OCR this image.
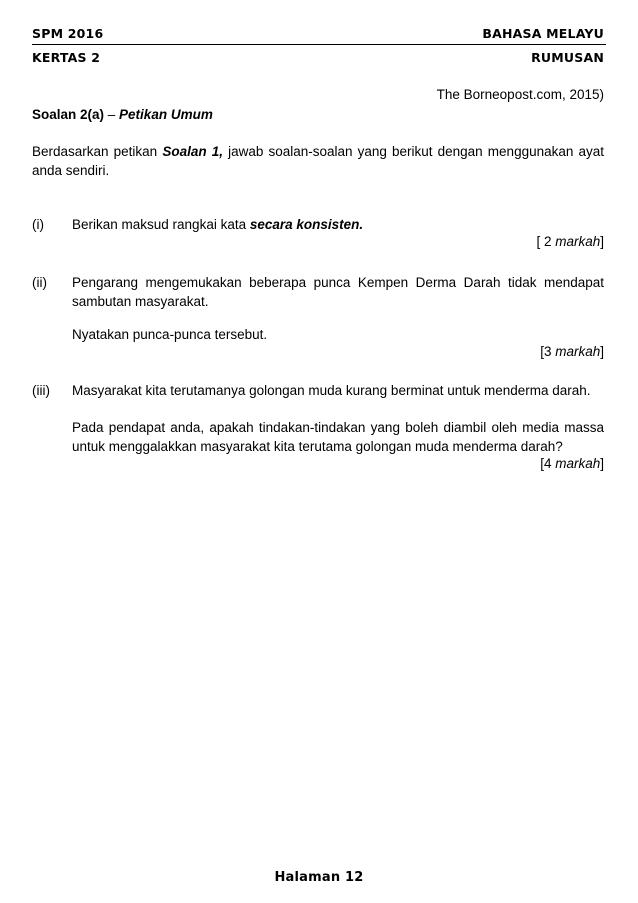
SPM 2016	BAHASA MELAYU
KERTAS 2	RUMUSAN
The Borneopost.com, 2015)
Soalan 2(a) – Petikan Umum
Berdasarkan petikan Soalan 1, jawab soalan-soalan yang berikut dengan menggunakan ayat
anda sendiri.
(i) Berikan maksud rangkai kata secara konsisten.
[ 2 markah]
(ii) Pengarang mengemukakan beberapa punca Kempen Derma Darah tidak mendapat
sambutan masyarakat.
Nyatakan punca-punca tersebut.
[3 markah]
(iii) Masyarakat kita terutamanya golongan muda kurang berminat untuk menderma darah.
Pada pendapat anda, apakah tindakan-tindakan yang boleh diambil oleh media massa
untuk menggalakkan masyarakat kita terutama golongan muda menderma darah?
[4 markah]
Halaman 12
